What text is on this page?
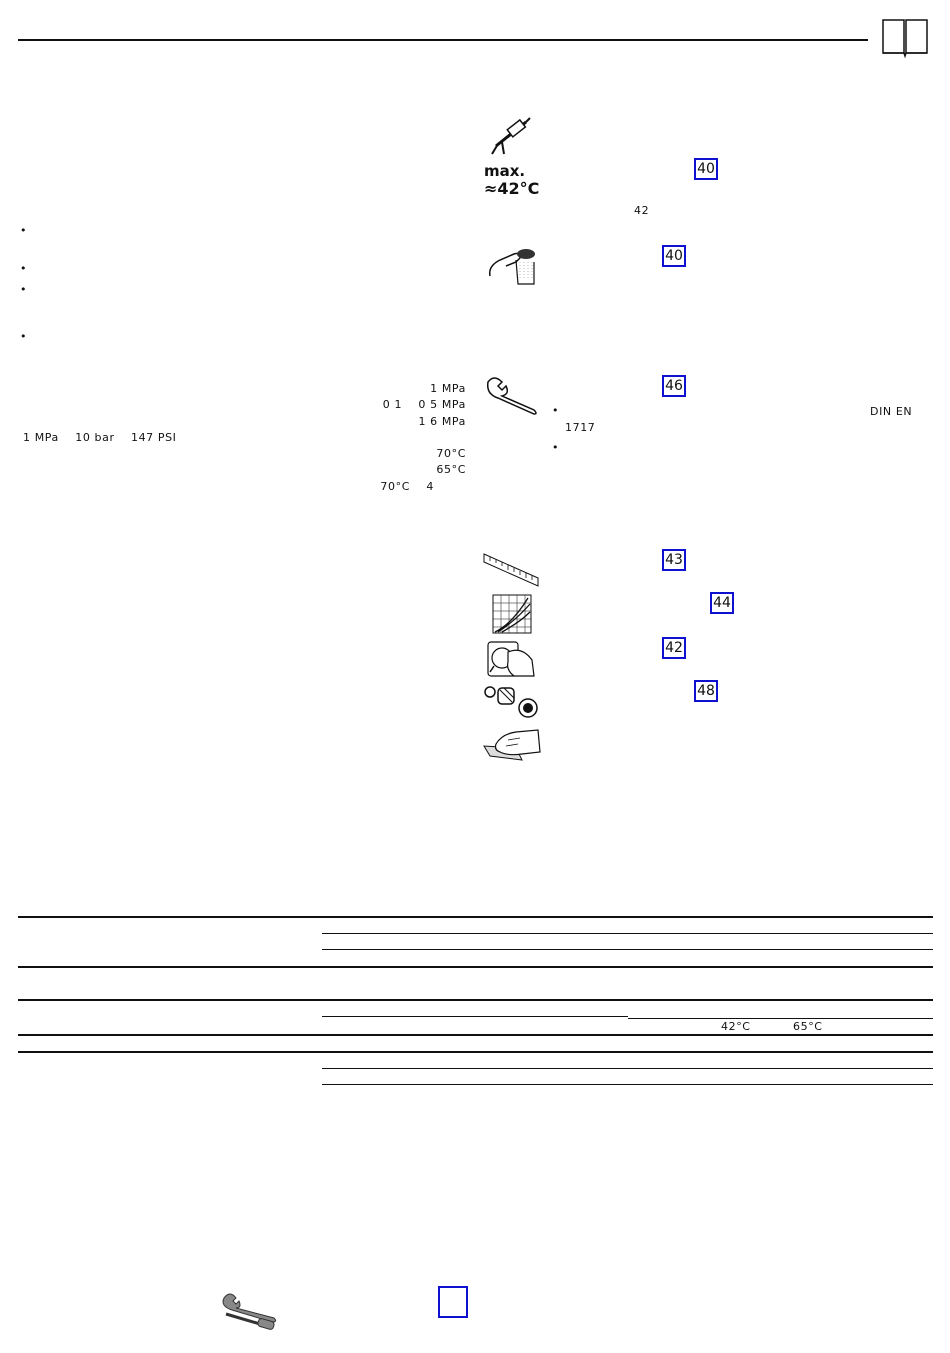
•
•
•
•
1 MPa
0 1    0 5 MPa
1 6 MPa
1 MPa    10 bar    147 PSI
70°C
65°C
70°C    4
max.
≈42°C
40
42
40
46
•	DIN EN
1717
•
43
44
42
48
42°C	65°C
